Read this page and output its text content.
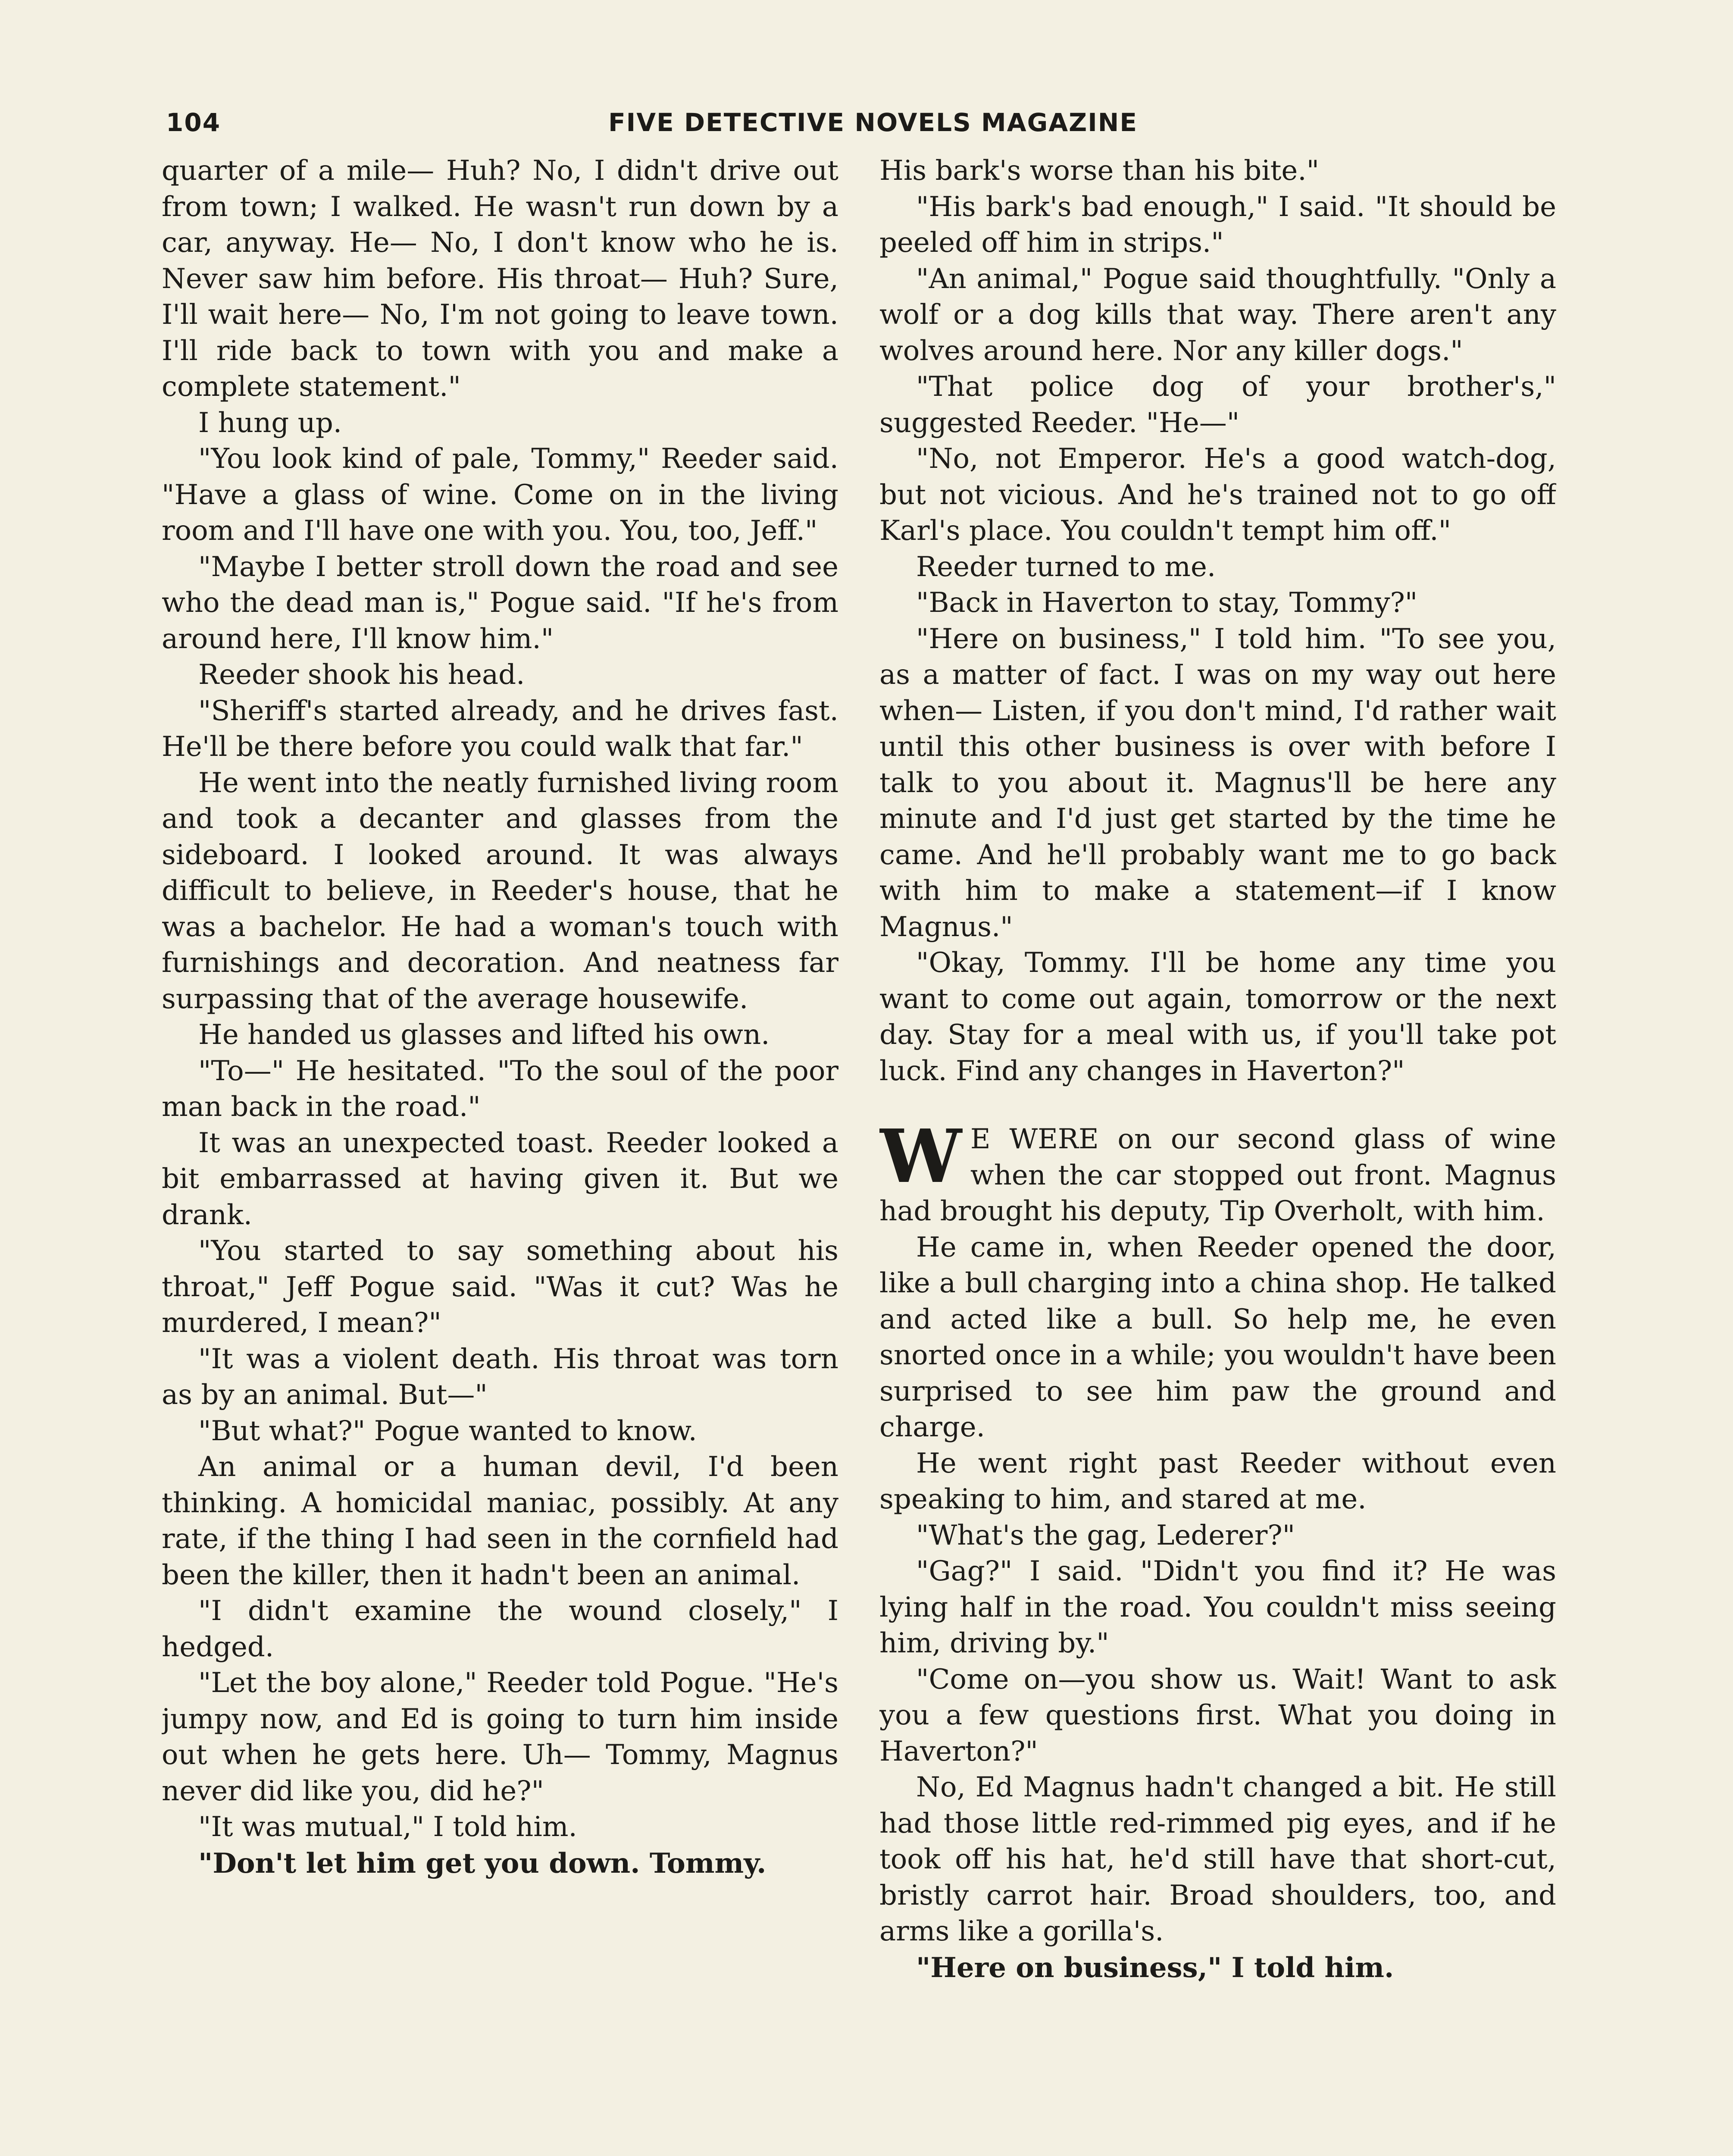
104	FIVE DETECTIVE NOVELS MAGAZINE

quarter of a mile— Huh? No, I didn't drive out from town; I walked. He wasn't run down by a car, anyway. He— No, I don't know who he is. Never saw him before. His throat— Huh? Sure, I'll wait here— No, I'm not going to leave town. I'll ride back to town with you and make a complete statement."

I hung up.

"You look kind of pale, Tommy," Reeder said. "Have a glass of wine. Come on in the living room and I'll have one with you. You, too, Jeff."

"Maybe I better stroll down the road and see who the dead man is," Pogue said. "If he's from around here, I'll know him."

Reeder shook his head.

"Sheriff's started already, and he drives fast. He'll be there before you could walk that far."

He went into the neatly furnished living room and took a decanter and glasses from the sideboard. I looked around. It was always difficult to believe, in Reeder's house, that he was a bachelor. He had a woman's touch with furnishings and decoration. And neatness far surpassing that of the average housewife.

He handed us glasses and lifted his own.

"To—" He hesitated. "To the soul of the poor man back in the road."

It was an unexpected toast. Reeder looked a bit embarrassed at having given it. But we drank.

"You started to say something about his throat," Jeff Pogue said. "Was it cut? Was he murdered, I mean?"

"It was a violent death. His throat was torn as by an animal. But—"

"But what?" Pogue wanted to know.

An animal or a human devil, I'd been thinking. A homicidal maniac, possibly. At any rate, if the thing I had seen in the cornfield had been the killer, then it hadn't been an animal.

"I didn't examine the wound closely," I hedged.

"Let the boy alone," Reeder told Pogue. "He's jumpy now, and Ed is going to turn him inside out when he gets here. Uh— Tommy, Magnus never did like you, did he?"

"It was mutual," I told him.

"Don't let him get you down. Tommy.

His bark's worse than his bite."

"His bark's bad enough," I said. "It should be peeled off him in strips."

"An animal," Pogue said thoughtfully. "Only a wolf or a dog kills that way. There aren't any wolves around here. Nor any killer dogs."

"That police dog of your brother's," suggested Reeder. "He—"

"No, not Emperor. He's a good watch-dog, but not vicious. And he's trained not to go off Karl's place. You couldn't tempt him off."

Reeder turned to me.

"Back in Haverton to stay, Tommy?"

"Here on business," I told him. "To see you, as a matter of fact. I was on my way out here when— Listen, if you don't mind, I'd rather wait until this other business is over with before I talk to you about it. Magnus'll be here any minute and I'd just get started by the time he came. And he'll probably want me to go back with him to make a statement—if I know Magnus."

"Okay, Tommy. I'll be home any time you want to come out again, tomorrow or the next day. Stay for a meal with us, if you'll take pot luck. Find any changes in Haverton?"

W E WERE on our second glass of wine when the car stopped out front. Magnus had brought his deputy, Tip Overholt, with him.

He came in, when Reeder opened the door, like a bull charging into a china shop. He talked and acted like a bull. So help me, he even snorted once in a while; you wouldn't have been surprised to see him paw the ground and charge.

He went right past Reeder without even speaking to him, and stared at me.

"What's the gag, Lederer?"

"Gag?" I said. "Didn't you find it? He was lying half in the road. You couldn't miss seeing him, driving by."

"Come on—you show us. Wait! Want to ask you a few questions first. What you doing in Haverton?"

No, Ed Magnus hadn't changed a bit. He still had those little red-rimmed pig eyes, and if he took off his hat, he'd still have that short-cut, bristly carrot hair. Broad shoulders, too, and arms like a gorilla's.

"Here on business," I told him.
